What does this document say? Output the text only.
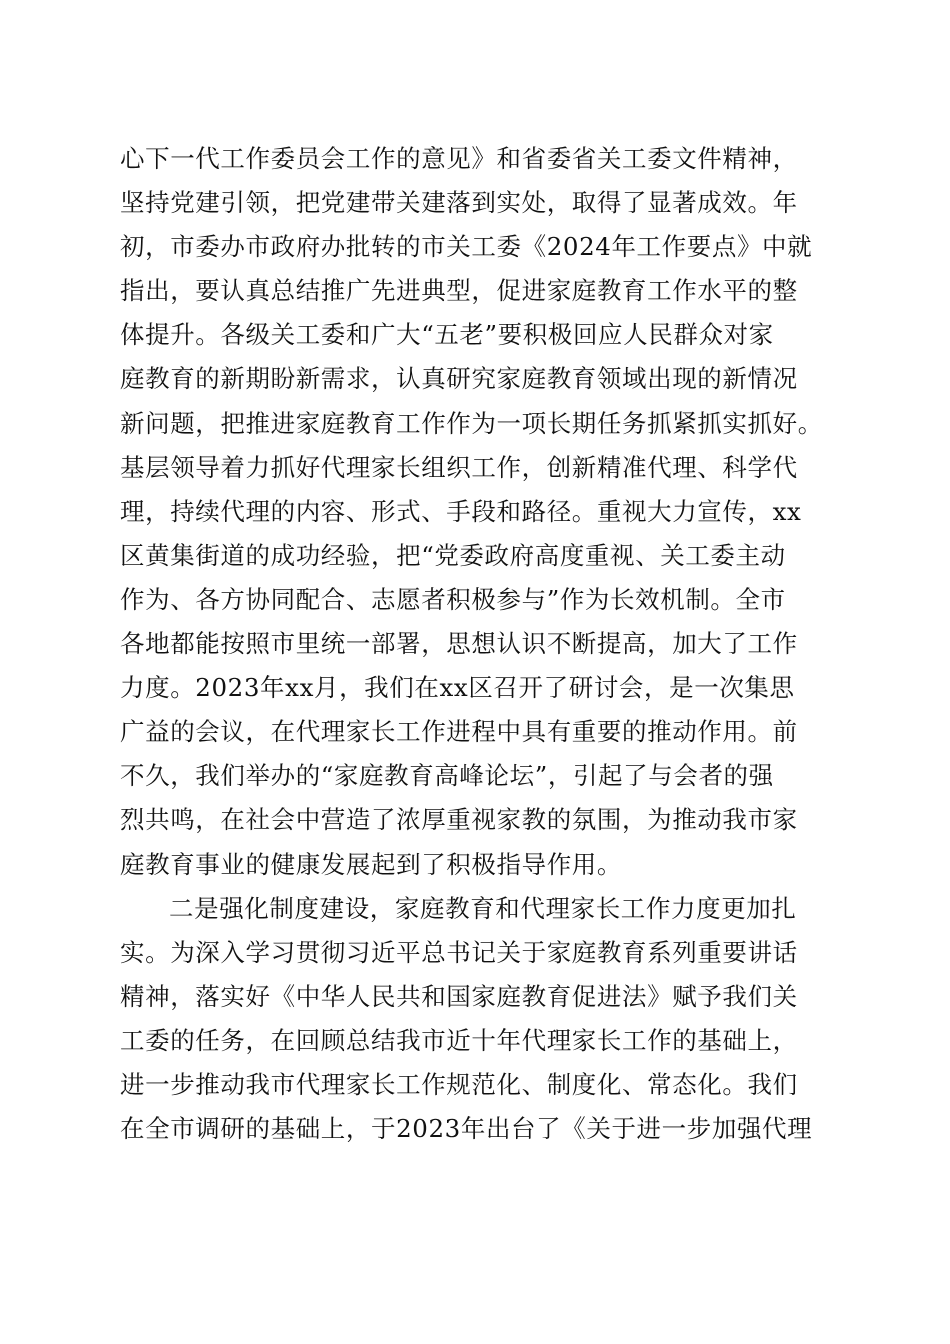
心下一代工作委员会工作的意见》和省委省关工委文件精神，
坚持党建引领，把党建带关建落到实处，取得了显著成效。年
初，市委办市政府办批转的市关工委《2024年工作要点》中就
指出，要认真总结推广先进典型，促进家庭教育工作水平的整
体提升。各级关工委和广大“五老”要积极回应人民群众对家
庭教育的新期盼新需求，认真研究家庭教育领域出现的新情况
新问题，把推进家庭教育工作作为一项长期任务抓紧抓实抓好。
基层领导着力抓好代理家长组织工作，创新精准代理、科学代
理，持续代理的内容、形式、手段和路径。重视大力宣传，xx
区黄集街道的成功经验，把“党委政府高度重视、关工委主动
作为、各方协同配合、志愿者积极参与”作为长效机制。全市
各地都能按照市里统一部署，思想认识不断提高，加大了工作
力度。2023年xx月，我们在xx区召开了研讨会，是一次集思
广益的会议，在代理家长工作进程中具有重要的推动作用。前
不久，我们举办的“家庭教育高峰论坛”，引起了与会者的强
烈共鸣，在社会中营造了浓厚重视家教的氛围，为推动我市家
庭教育事业的健康发展起到了积极指导作用。
二是强化制度建设，家庭教育和代理家长工作力度更加扎
实。为深入学习贯彻习近平总书记关于家庭教育系列重要讲话
精神，落实好《中华人民共和国家庭教育促进法》赋予我们关
工委的任务，在回顾总结我市近十年代理家长工作的基础上，
进一步推动我市代理家长工作规范化、制度化、常态化。我们
在全市调研的基础上，于2023年出台了《关于进一步加强代理
